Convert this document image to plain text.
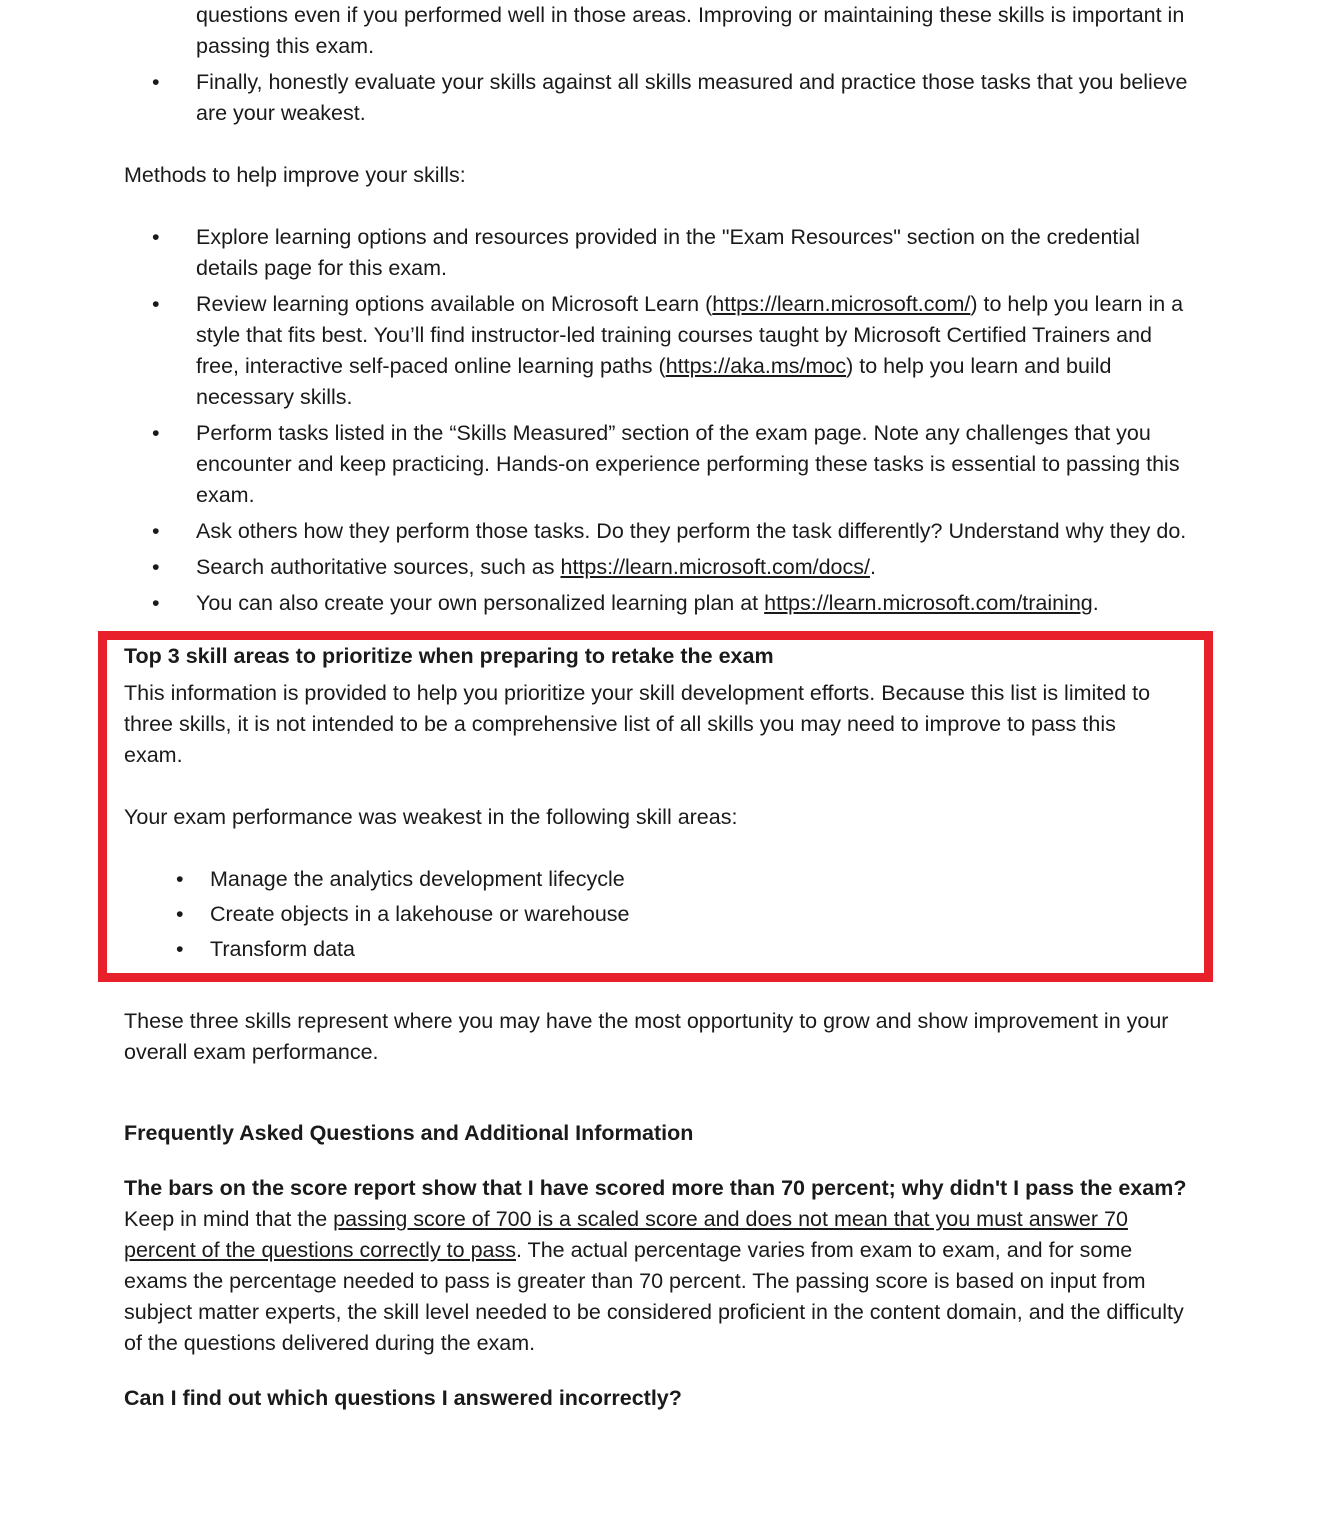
questions even if you performed well in those areas. Improving or maintaining these skills is important in passing this exam.
• Finally, honestly evaluate your skills against all skills measured and practice those tasks that you believe are your weakest.

Methods to help improve your skills:

• Explore learning options and resources provided in the "Exam Resources" section on the credential details page for this exam.
• Review learning options available on Microsoft Learn (https://learn.microsoft.com/) to help you learn in a style that fits best. You’ll find instructor-led training courses taught by Microsoft Certified Trainers and free, interactive self-paced online learning paths (https://aka.ms/moc) to help you learn and build necessary skills.
• Perform tasks listed in the “Skills Measured” section of the exam page. Note any challenges that you encounter and keep practicing. Hands-on experience performing these tasks is essential to passing this exam.
• Ask others how they perform those tasks. Do they perform the task differently? Understand why they do.
• Search authoritative sources, such as https://learn.microsoft.com/docs/.
• You can also create your own personalized learning plan at https://learn.microsoft.com/training.
Top 3 skill areas to prioritize when preparing to retake the exam

This information is provided to help you prioritize your skill development efforts. Because this list is limited to three skills, it is not intended to be a comprehensive list of all skills you may need to improve to pass this exam.

Your exam performance was weakest in the following skill areas:

• Manage the analytics development lifecycle
• Create objects in a lakehouse or warehouse
• Transform data

These three skills represent where you may have the most opportunity to grow and show improvement in your overall exam performance.

Frequently Asked Questions and Additional Information
The bars on the score report show that I have scored more than 70 percent; why didn't I pass the exam?

Keep in mind that the passing score of 700 is a scaled score and does not mean that you must answer 70 percent of the questions correctly to pass. The actual percentage varies from exam to exam, and for some exams the percentage needed to pass is greater than 70 percent. The passing score is based on input from subject matter experts, the skill level needed to be considered proficient in the content domain, and the difficulty of the questions delivered during the exam.

Can I find out which questions I answered incorrectly?
